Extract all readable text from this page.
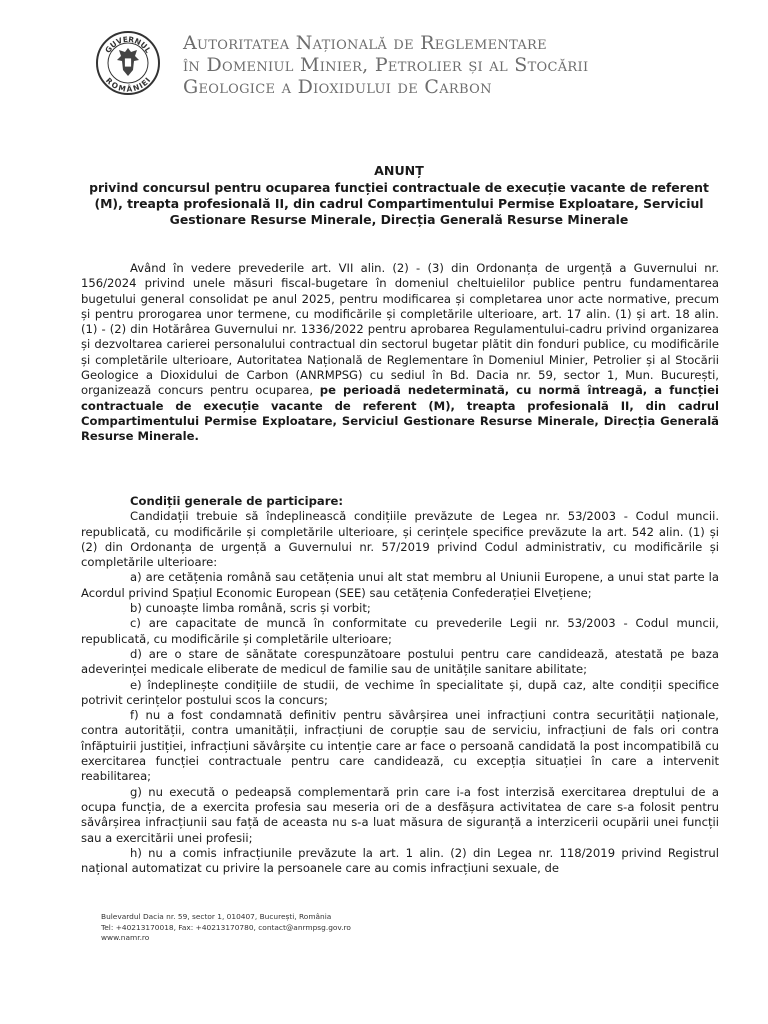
GUVERNUL
ROMÂNIEI
Autoritatea Națională de Reglementare
în Domeniul Minier, Petrolier și al Stocării
Geologice a Dioxidului de Carbon
ANUNȚ
privind concursul pentru ocuparea funcției contractuale de execuție vacante de referent
(M), treapta profesională II, din cadrul Compartimentului Permise Exploatare, Serviciul
Gestionare Resurse Minerale, Direcția Generală Resurse Minerale
Având în vedere prevederile art. VII alin. (2) - (3) din Ordonanța de urgență a Guvernului nr. 156/2024 privind unele măsuri fiscal-bugetare în domeniul cheltuielilor publice pentru fundamentarea bugetului general consolidat pe anul 2025, pentru modificarea și completarea unor acte normative, precum și pentru prorogarea unor termene, cu modificările și completările ulterioare, art. 17 alin. (1) și art. 18 alin. (1) - (2) din Hotărârea Guvernului nr. 1336/2022 pentru aprobarea Regulamentului-cadru privind organizarea și dezvoltarea carierei personalului contractual din sectorul bugetar plătit din fonduri publice, cu modificările și completările ulterioare, Autoritatea Națională de Reglementare în Domeniul Minier, Petrolier și al Stocării Geologice a Dioxidului de Carbon (ANRMPSG) cu sediul în Bd. Dacia nr. 59, sector 1, Mun. București, organizează concurs pentru ocuparea, pe perioadă nedeterminată, cu normă întreagă, a funcției contractuale de execuție vacante de referent (M), treapta profesională II, din cadrul Compartimentului Permise Exploatare, Serviciul Gestionare Resurse Minerale, Direcția Generală Resurse Minerale.
Condiții generale de participare:

Candidații trebuie să îndeplinească condițiile prevăzute de Legea nr. 53/2003 - Codul muncii. republicată, cu modificările și completările ulterioare, și cerințele specifice prevăzute la art. 542 alin. (1) și (2) din Ordonanța de urgență a Guvernului nr. 57/2019 privind Codul administrativ, cu modificările și completările ulterioare:

a) are cetățenia română sau cetățenia unui alt stat membru al Uniunii Europene, a unui stat parte la Acordul privind Spațiul Economic European (SEE) sau cetățenia Confederației Elvețiene;

b) cunoaște limba română, scris și vorbit;

c) are capacitate de muncă în conformitate cu prevederile Legii nr. 53/2003 - Codul muncii, republicată, cu modificările și completările ulterioare;

d) are o stare de sănătate corespunzătoare postului pentru care candidează, atestată pe baza adeverinței medicale eliberate de medicul de familie sau de unitățile sanitare abilitate;

e) îndeplinește condițiile de studii, de vechime în specialitate și, după caz, alte condiții specifice potrivit cerințelor postului scos la concurs;

f) nu a fost condamnată definitiv pentru săvârșirea unei infracțiuni contra securității naționale, contra autorității, contra umanității, infracțiuni de corupție sau de serviciu, infracțiuni de fals ori contra înfăptuirii justiției, infracțiuni săvârșite cu intenție care ar face o persoană candidată la post incompatibilă cu exercitarea funcției contractuale pentru care candidează, cu excepția situației în care a intervenit reabilitarea;

g) nu execută o pedeapsă complementară prin care i-a fost interzisă exercitarea dreptului de a ocupa funcția, de a exercita profesia sau meseria ori de a desfășura activitatea de care s-a folosit pentru săvârșirea infracțiunii sau față de aceasta nu s-a luat măsura de siguranță a interzicerii ocupării unei funcții sau a exercitării unei profesii;

h) nu a comis infracțiunile prevăzute la art. 1 alin. (2) din Legea nr. 118/2019 privind Registrul național automatizat cu privire la persoanele care au comis infracțiuni sexuale, de

Bulevardul Dacia nr. 59, sector 1, 010407, București, România
Tel: +40213170018, Fax: +40213170780, contact@anrmpsg.gov.ro
www.namr.ro
